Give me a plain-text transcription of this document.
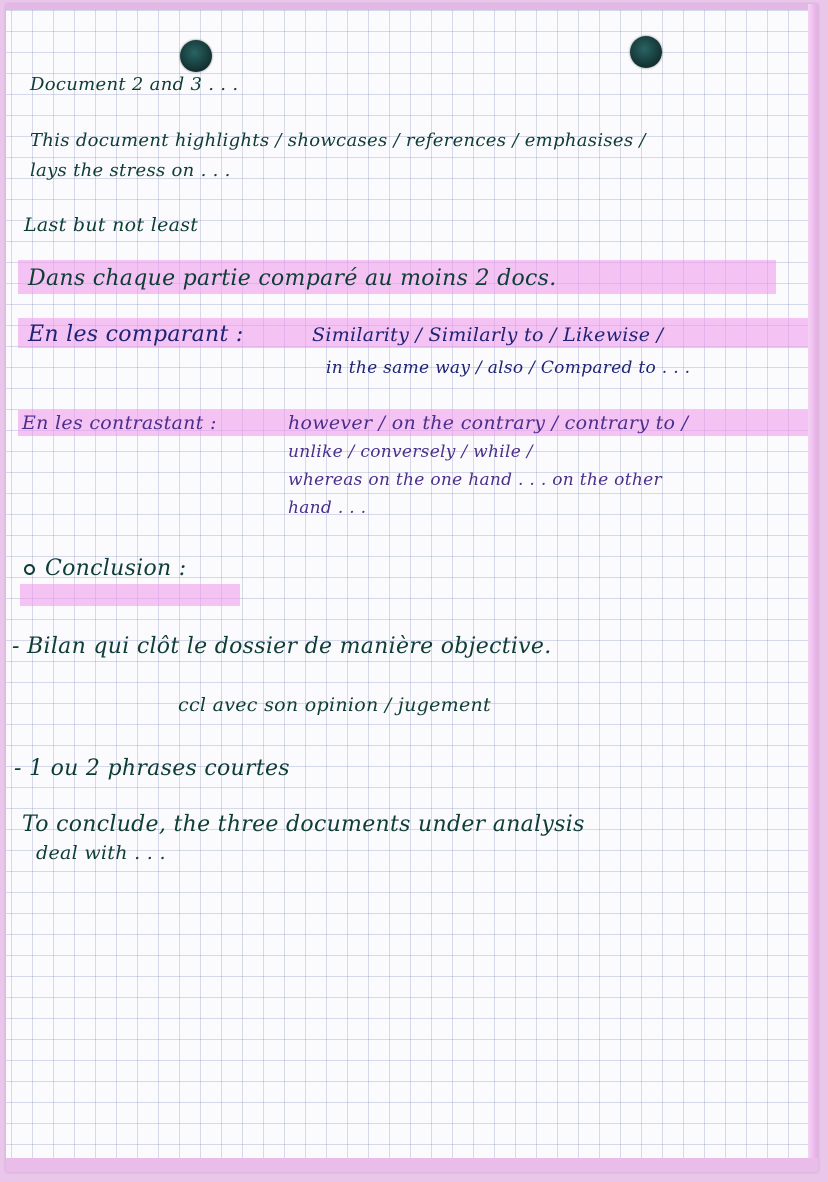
Document 2 and 3 . . .
This document highlights / showcases / references / emphasises /
lays the stress on . . .
Last but not least
Dans chaque partie comparé au moins 2 docs.
En les comparant :	Similarity / Similarly to / Likewise /
in the same way / also / Compared to . . .
En les contrastant :	however / on the contrary / contrary to /
unlike / conversely / while /
whereas on the one hand . . . on the other
hand . . .
Conclusion :
- Bilan qui clôt le dossier de manière objective.
ccl avec son opinion / jugement
- 1 ou 2 phrases courtes
To conclude, the three documents under analysis
deal with . . .
